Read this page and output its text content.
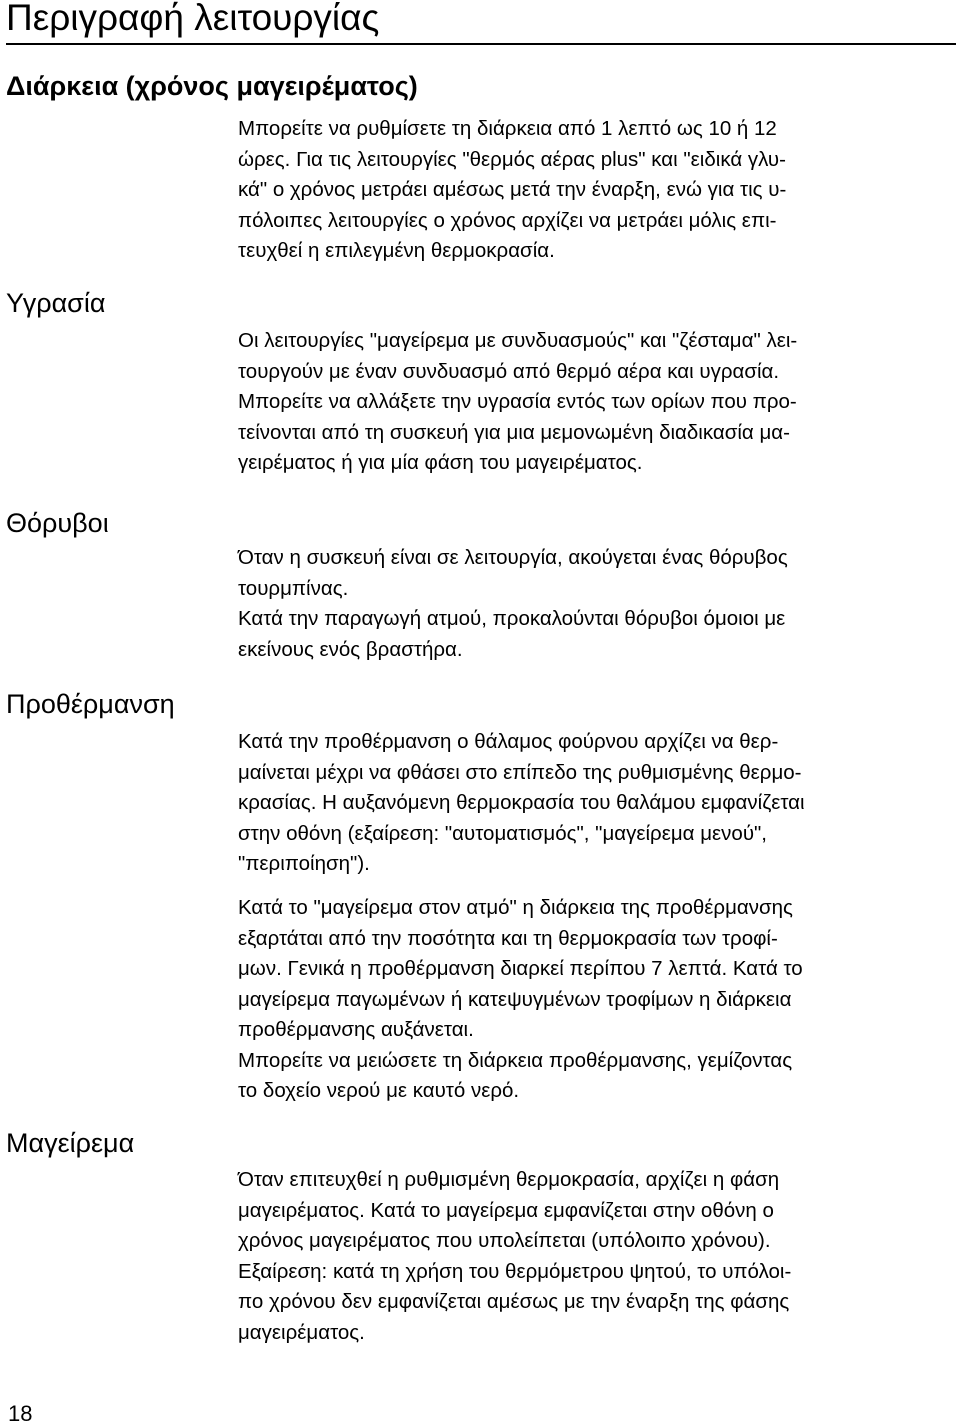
Περιγραφή λειτουργίας
Διάρκεια (χρόνος μαγειρέματος)

Μπορείτε να ρυθμίσετε τη διάρκεια από 1 λεπτό ως 10 ή 12
ώρες. Για τις λειτουργίες "θερμός αέρας plus" και "ειδικά γλυ-
κά" ο χρόνος μετράει αμέσως μετά την έναρξη, ενώ για τις υ-
πόλοιπες λειτουργίες ο χρόνος αρχίζει να μετράει μόλις επι-
τευχθεί η επιλεγμένη θερμοκρασία.

Υγρασία

Οι λειτουργίες "μαγείρεμα με συνδυασμούς" και "ζέσταμα" λει-
τουργούν με έναν συνδυασμό από θερμό αέρα και υγρασία.
Μπορείτε να αλλάξετε την υγρασία εντός των ορίων που προ-
τείνονται από τη συσκευή για μια μεμονωμένη διαδικασία μα-
γειρέματος ή για μία φάση του μαγειρέματος.

Θόρυβοι

Όταν η συσκευή είναι σε λειτουργία, ακούγεται ένας θόρυβος
τουρμπίνας.
Κατά την παραγωγή ατμού, προκαλούνται θόρυβοι όμοιοι με
εκείνους ενός βραστήρα.

Προθέρμανση

Κατά την προθέρμανση ο θάλαμος φούρνου αρχίζει να θερ-
μαίνεται μέχρι να φθάσει στο επίπεδο της ρυθμισμένης θερμο-
κρασίας. Η αυξανόμενη θερμοκρασία του θαλάμου εμφανίζεται
στην οθόνη (εξαίρεση: "αυτοματισμός", "μαγείρεμα μενού",
"περιποίηση").

Κατά το "μαγείρεμα στον ατμό" η διάρκεια της προθέρμανσης
εξαρτάται από την ποσότητα και τη θερμοκρασία των τροφί-
μων. Γενικά η προθέρμανση διαρκεί περίπου 7 λεπτά. Κατά το
μαγείρεμα παγωμένων ή κατεψυγμένων τροφίμων η διάρκεια
προθέρμανσης αυξάνεται.
Μπορείτε να μειώσετε τη διάρκεια προθέρμανσης, γεμίζοντας
το δοχείο νερού με καυτό νερό.

Μαγείρεμα

Όταν επιτευχθεί η ρυθμισμένη θερμοκρασία, αρχίζει η φάση
μαγειρέματος. Κατά το μαγείρεμα εμφανίζεται στην οθόνη ο
χρόνος μαγειρέματος που υπολείπεται (υπόλοιπο χρόνου).
Εξαίρεση: κατά τη χρήση του θερμόμετρου ψητού, το υπόλοι-
πο χρόνου δεν εμφανίζεται αμέσως με την έναρξη της φάσης
μαγειρέματος.

18
